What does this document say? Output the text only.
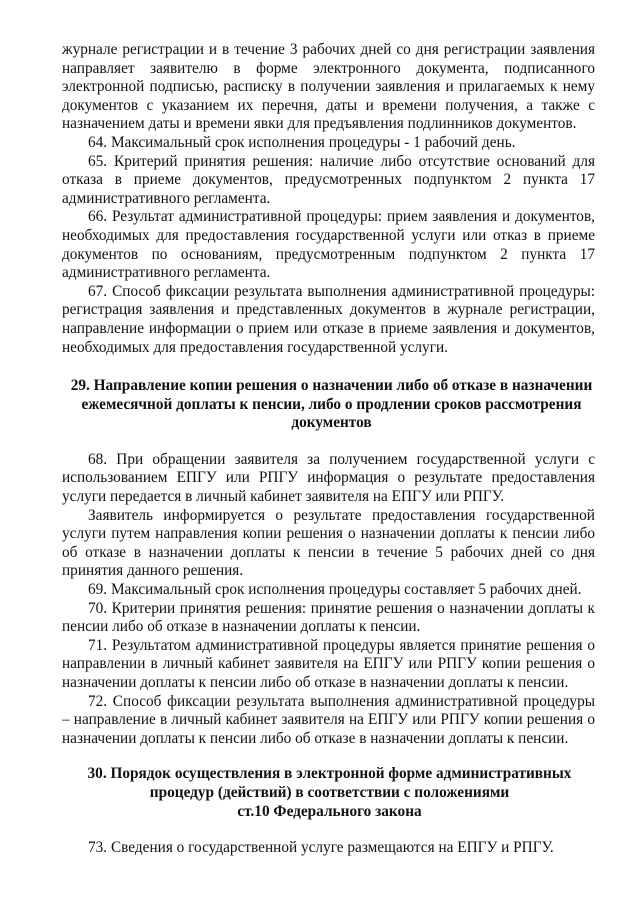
журнале регистрации и в течение 3 рабочих дней со дня регистрации заявления направляет заявителю в форме электронного документа, подписанного электронной подписью, расписку в получении заявления и прилагаемых к нему документов с указанием их перечня, даты и времени получения, а также с назначением даты и времени явки для предъявления подлинников документов.

64. Максимальный срок исполнения процедуры - 1 рабочий день.

65. Критерий принятия решения: наличие либо отсутствие оснований для отказа в приеме документов, предусмотренных подпунктом 2 пункта 17 административного регламента.

66. Результат административной процедуры: прием заявления и документов, необходимых для предоставления государственной услуги или отказ в приеме документов по основаниям, предусмотренным подпунктом 2 пункта 17 административного регламента.

67. Способ фиксации результата выполнения административной процедуры: регистрация заявления и представленных документов в журнале регистрации, направление информации о прием или отказе в приеме заявления и документов, необходимых для предоставления государственной услуги.

29. Направление копии решения о назначении либо об отказе в назначении ежемесячной доплаты к пенсии, либо о продлении сроков рассмотрения документов

68. При обращении заявителя за получением государственной услуги с использованием ЕПГУ или РПГУ информация о результате предоставления услуги передается в личный кабинет заявителя на ЕПГУ или РПГУ.

Заявитель информируется о результате предоставления государственной услуги путем направления копии решения о назначении доплаты к пенсии либо об отказе в назначении доплаты к пенсии в течение 5 рабочих дней со дня принятия данного решения.

69. Максимальный срок исполнения процедуры составляет 5 рабочих дней.

70. Критерии принятия решения: принятие решения о назначении доплаты к пенсии либо об отказе в назначении доплаты к пенсии.

71. Результатом административной процедуры является принятие решения о направлении в личный кабинет заявителя на ЕПГУ или РПГУ копии решения о назначении доплаты к пенсии либо об отказе в назначении доплаты к пенсии.

72. Способ фиксации результата выполнения административной процедуры – направление в личный кабинет заявителя на ЕПГУ или РПГУ копии решения о назначении доплаты к пенсии либо об отказе в назначении доплаты к пенсии.

30. Порядок осуществления в электронной форме административных
процедур (действий) в соответствии с положениями
ст.10 Федерального закона

73. Сведения о государственной услуге размещаются на ЕПГУ и РПГУ.
